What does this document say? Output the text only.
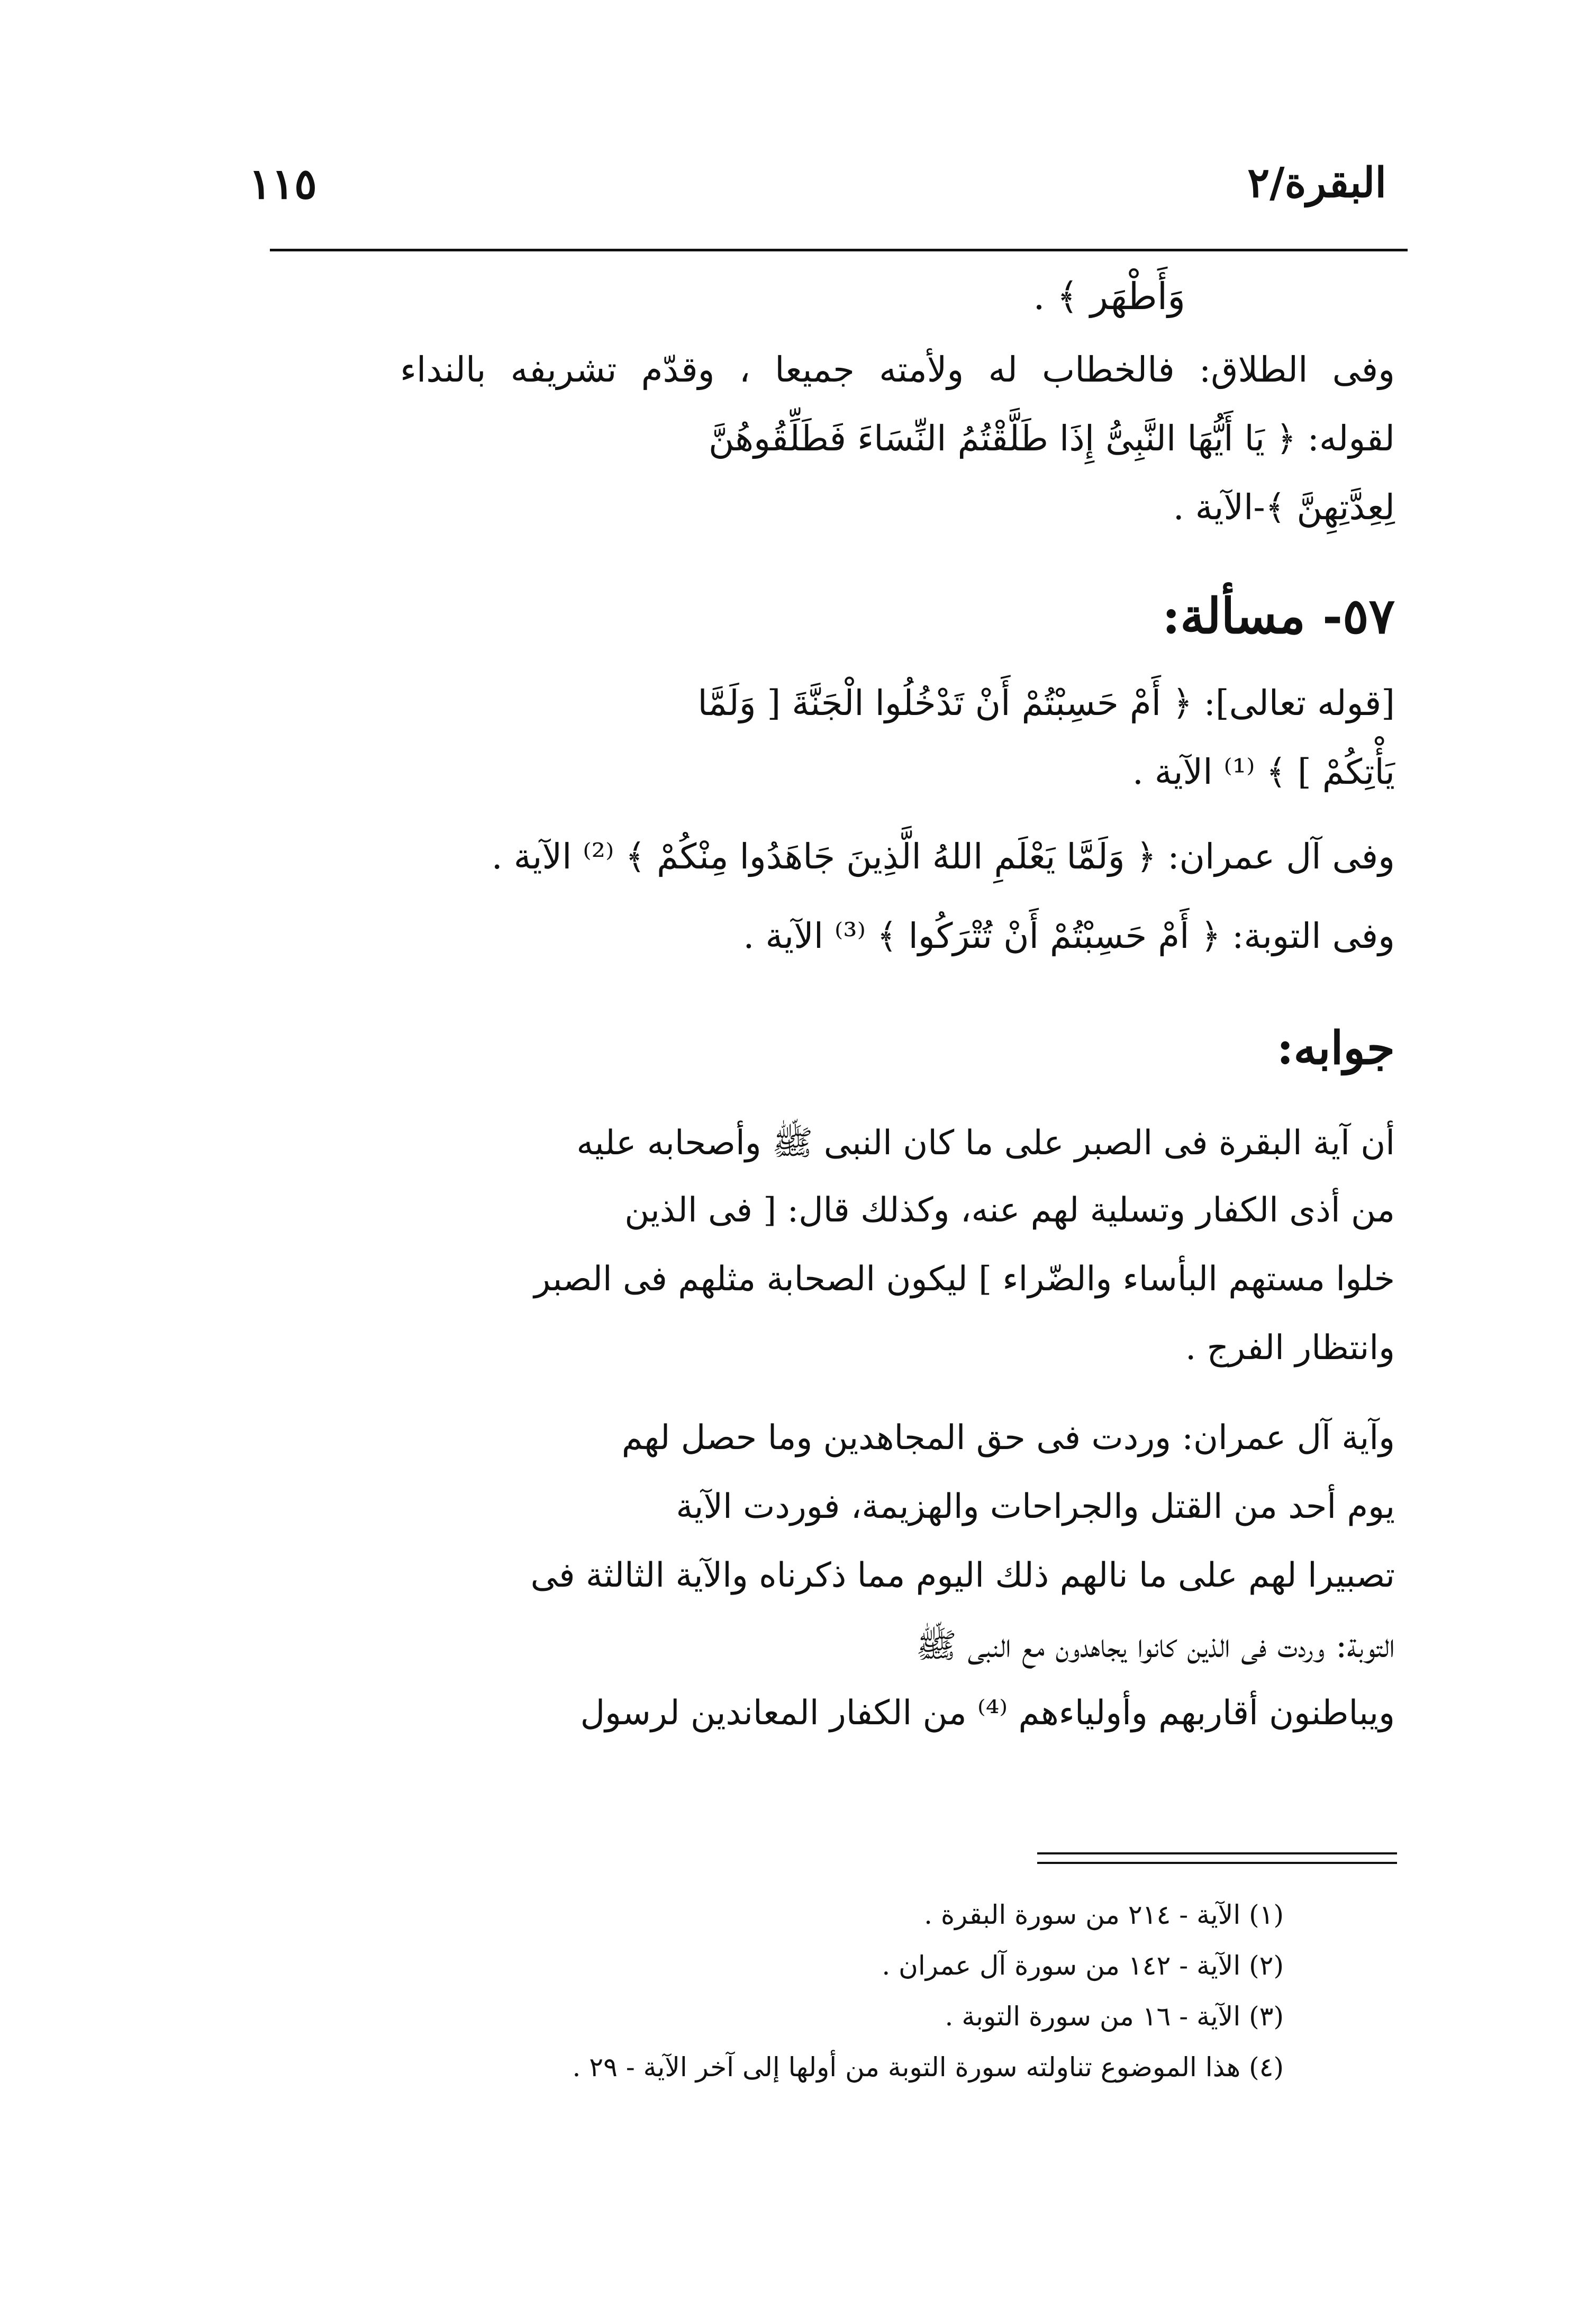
البقرة/٢
١١٥

وَأَطْهَر ﴾ .

وفى الطلاق: فالخطاب له ولأمته جميعا ، وقدّم تشريفه بالنداء

لقوله: ﴿ يَا أَيُّهَا النَّبِىُّ إِذَا طَلَّقْتُمُ النِّسَاءَ فَطَلِّقُوهُنَّ

لِعِدَّتِهِنَّ ﴾-الآية .

٥٧- مسألة:

[قوله تعالى]: ﴿ أَمْ حَسِبْتُمْ أَنْ تَدْخُلُوا الْجَنَّةَ [ وَلَمَّا

يَأْتِكُمْ ] ﴾ ⁽¹⁾ الآية .

وفى آل عمران: ﴿ وَلَمَّا يَعْلَمِ اللهُ الَّذِينَ جَاهَدُوا مِنْكُمْ ﴾ ⁽²⁾ الآية .

وفى التوبة: ﴿ أَمْ حَسِبْتُمْ أَنْ تُتْرَكُوا ﴾ ⁽³⁾ الآية .

جوابه:

أن آية البقرة فى الصبر على ما كان النبى ﷺ وأصحابه عليه

من أذى الكفار وتسلية لهم عنه، وكذلك قال: [ فى الذين

خلوا مستهم البأساء والضّراء ] ليكون الصحابة مثلهم فى الصبر

وانتظار الفرج .

وآية آل عمران: وردت فى حق المجاهدين وما حصل لهم

يوم أحد من القتل والجراحات والهزيمة، فوردت الآية

تصبيرا لهم على ما نالهم ذلك اليوم مما ذكرناه والآية الثالثة فى

التوبة: وردت فى الذين كانوا يجاهدون مع النبى ﷺ

ويباطنون أقاربهم وأولياءهم ⁽⁴⁾ من الكفار المعاندين لرسول

(١) الآية - ٢١٤ من سورة البقرة .

(٢) الآية - ١٤٢ من سورة آل عمران .

(٣) الآية - ١٦ من سورة التوبة .

(٤) هذا الموضوع تناولته سورة التوبة من أولها إلى آخر الآية - ٢٩ .
